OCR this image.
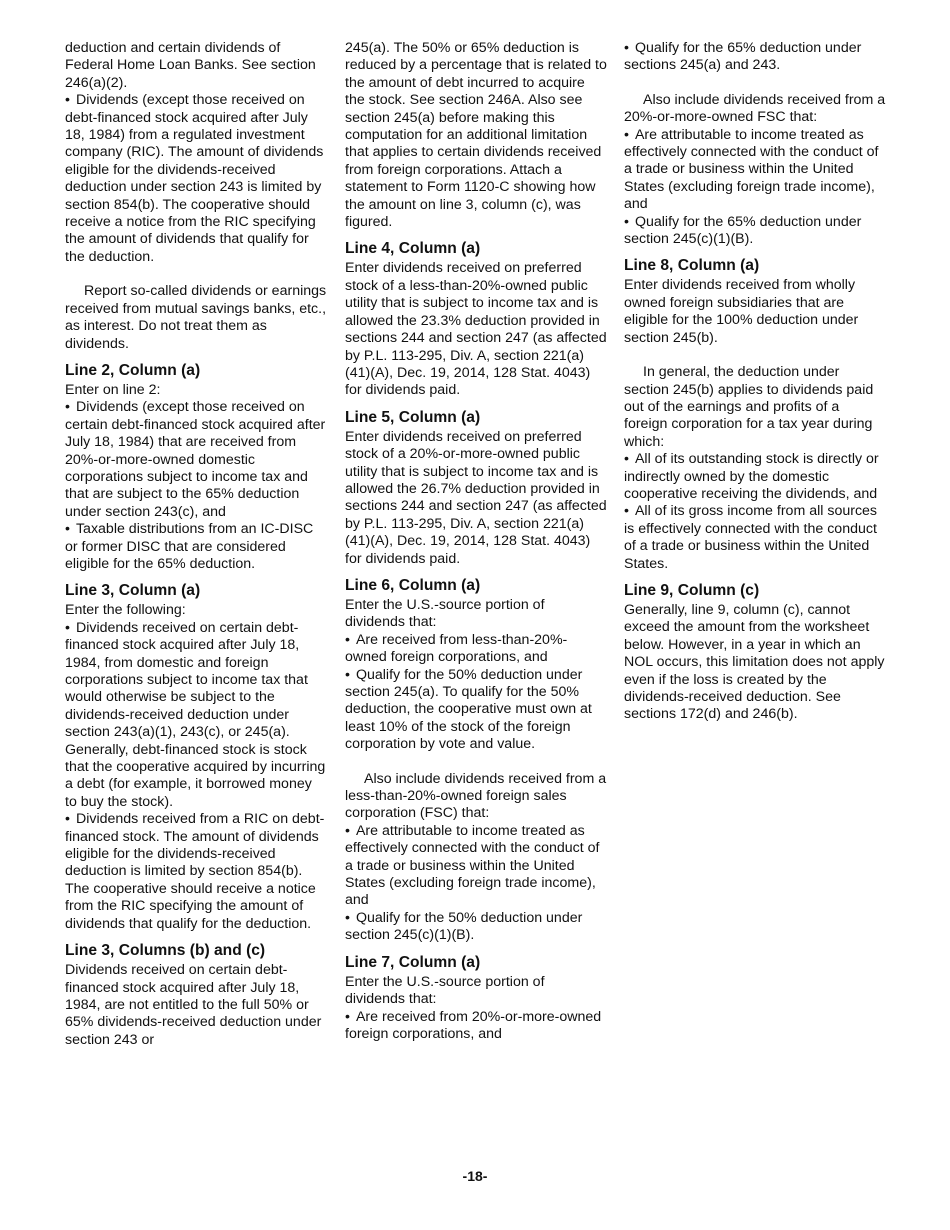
deduction and certain dividends of Federal Home Loan Banks. See section 246(a)(2).

• Dividends (except those received on debt-financed stock acquired after July 18, 1984) from a regulated investment company (RIC). The amount of dividends eligible for the dividends-received deduction under section 243 is limited by section 854(b). The cooperative should receive a notice from the RIC specifying the amount of dividends that qualify for the deduction.

Report so-called dividends or earnings received from mutual savings banks, etc., as interest. Do not treat them as dividends.

Line 2, Column (a)

Enter on line 2:

• Dividends (except those received on certain debt-financed stock acquired after July 18, 1984) that are received from 20%-or-more-owned domestic corporations subject to income tax and that are subject to the 65% deduction under section 243(c), and

• Taxable distributions from an IC-DISC or former DISC that are considered eligible for the 65% deduction.

Line 3, Column (a)

Enter the following:

• Dividends received on certain debt-financed stock acquired after July 18, 1984, from domestic and foreign corporations subject to income tax that would otherwise be subject to the dividends-received deduction under section 243(a)(1), 243(c), or 245(a). Generally, debt-financed stock is stock that the cooperative acquired by incurring a debt (for example, it borrowed money to buy the stock).

• Dividends received from a RIC on debt-financed stock. The amount of dividends eligible for the dividends-received deduction is limited by section 854(b). The cooperative should receive a notice from the RIC specifying the amount of dividends that qualify for the deduction.

Line 3, Columns (b) and (c)

Dividends received on certain debt-financed stock acquired after July 18, 1984, are not entitled to the full 50% or 65% dividends-received deduction under section 243 or

245(a). The 50% or 65% deduction is reduced by a percentage that is related to the amount of debt incurred to acquire the stock. See section 246A. Also see section 245(a) before making this computation for an additional limitation that applies to certain dividends received from foreign corporations. Attach a statement to Form 1120-C showing how the amount on line 3, column (c), was figured.

Line 4, Column (a)

Enter dividends received on preferred stock of a less-than-20%-owned public utility that is subject to income tax and is allowed the 23.3% deduction provided in sections 244 and section 247 (as affected by P.L. 113-295, Div. A, section 221(a)(41)(A), Dec. 19, 2014, 128 Stat. 4043) for dividends paid.

Line 5, Column (a)

Enter dividends received on preferred stock of a 20%-or-more-owned public utility that is subject to income tax and is allowed the 26.7% deduction provided in sections 244 and section 247 (as affected by P.L. 113-295, Div. A, section 221(a)(41)(A), Dec. 19, 2014, 128 Stat. 4043) for dividends paid.

Line 6, Column (a)

Enter the U.S.-source portion of dividends that:

• Are received from less-than-20%-owned foreign corporations, and

• Qualify for the 50% deduction under section 245(a). To qualify for the 50% deduction, the cooperative must own at least 10% of the stock of the foreign corporation by vote and value.

Also include dividends received from a less-than-20%-owned foreign sales corporation (FSC) that:

• Are attributable to income treated as effectively connected with the conduct of a trade or business within the United States (excluding foreign trade income), and

• Qualify for the 50% deduction under section 245(c)(1)(B).

Line 7, Column (a)

Enter the U.S.-source portion of dividends that:

• Are received from 20%-or-more-owned foreign corporations, and

• Qualify for the 65% deduction under sections 245(a) and 243.

Also include dividends received from a 20%-or-more-owned FSC that:

• Are attributable to income treated as effectively connected with the conduct of a trade or business within the United States (excluding foreign trade income), and

• Qualify for the 65% deduction under section 245(c)(1)(B).

Line 8, Column (a)

Enter dividends received from wholly owned foreign subsidiaries that are eligible for the 100% deduction under section 245(b).

In general, the deduction under section 245(b) applies to dividends paid out of the earnings and profits of a foreign corporation for a tax year during which:

• All of its outstanding stock is directly or indirectly owned by the domestic cooperative receiving the dividends, and

• All of its gross income from all sources is effectively connected with the conduct of a trade or business within the United States.

Line 9, Column (c)

Generally, line 9, column (c), cannot exceed the amount from the worksheet below. However, in a year in which an NOL occurs, this limitation does not apply even if the loss is created by the dividends-received deduction. See sections 172(d) and 246(b).

-18-
